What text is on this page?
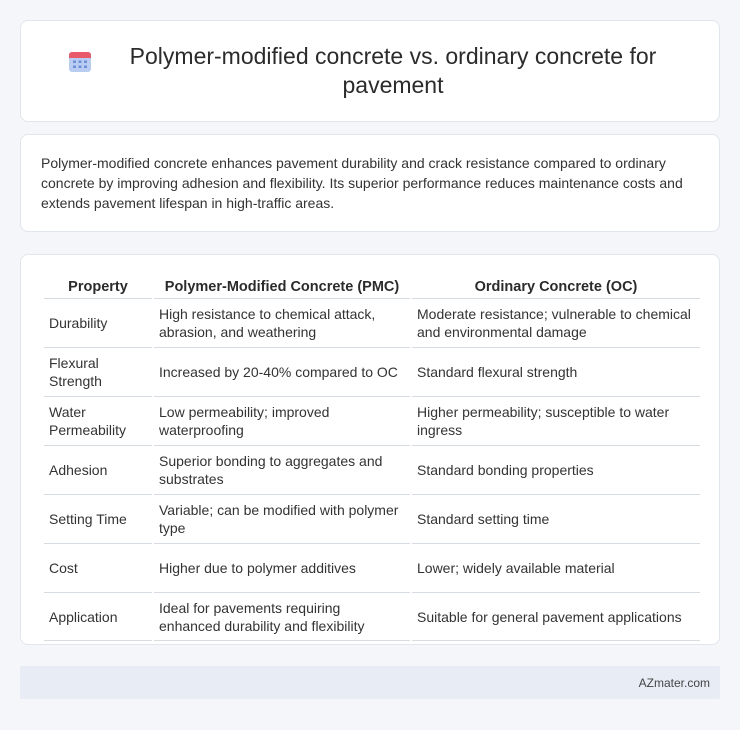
Polymer-modified concrete vs. ordinary concrete for pavement

Polymer-modified concrete enhances pavement durability and crack resistance compared to ordinary concrete by improving adhesion and flexibility. Its superior performance reduces maintenance costs and extends pavement lifespan in high-traffic areas.

Property	Polymer-Modified Concrete (PMC)	Ordinary Concrete (OC)
Durability	High resistance to chemical attack, abrasion, and weathering	Moderate resistance; vulnerable to chemical and environmental damage
Flexural Strength	Increased by 20-40% compared to OC	Standard flexural strength
Water Permeability	Low permeability; improved waterproofing	Higher permeability; susceptible to water ingress
Adhesion	Superior bonding to aggregates and substrates	Standard bonding properties
Setting Time	Variable; can be modified with polymer type	Standard setting time
Cost	Higher due to polymer additives	Lower; widely available material
Application	Ideal for pavements requiring enhanced durability and flexibility	Suitable for general pavement applications
AZmater.com
